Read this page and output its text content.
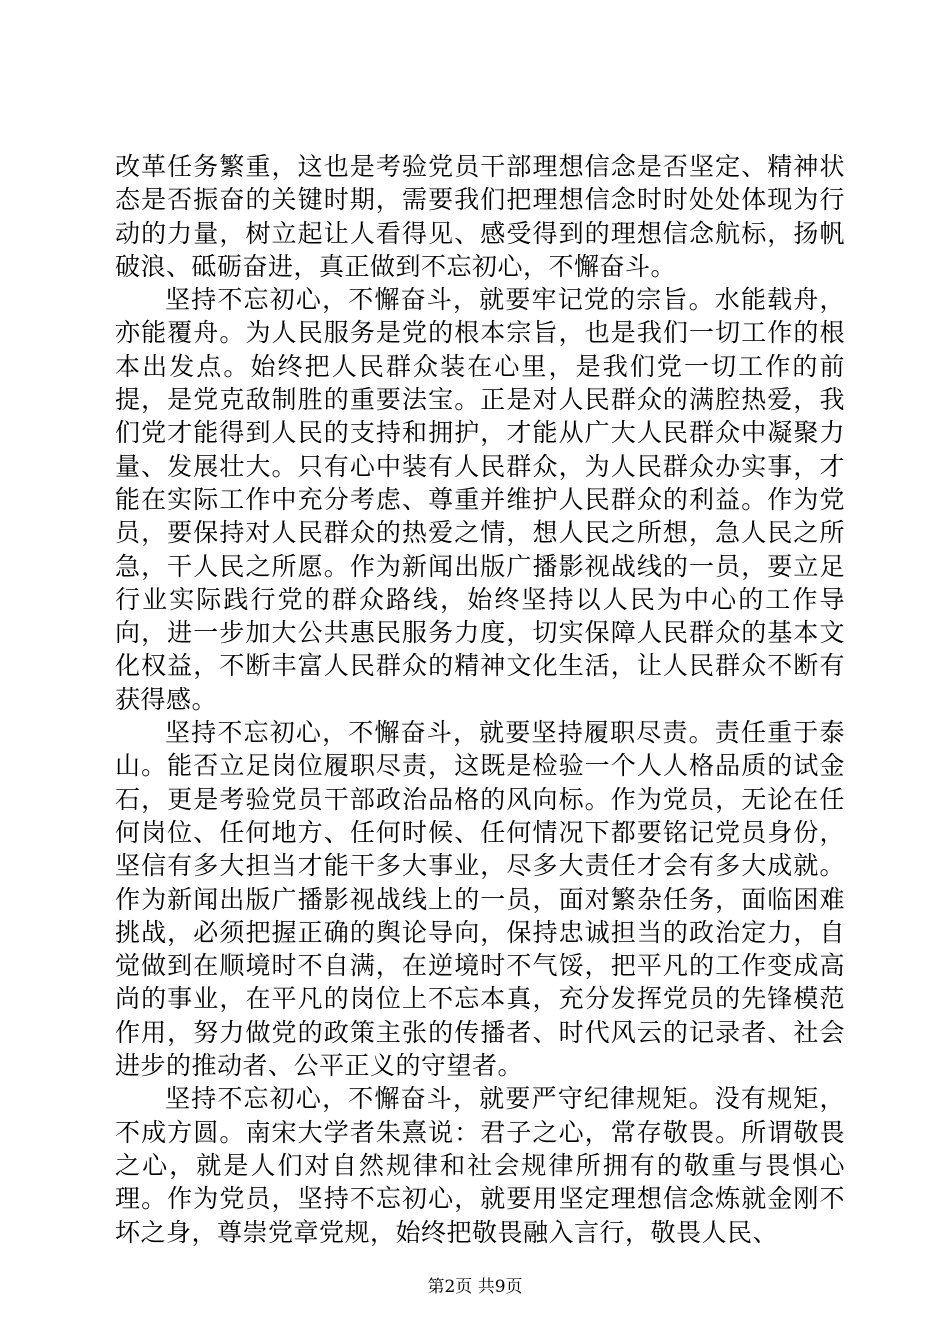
改革任务繁重，这也是考验党员干部理想信念是否坚定、精神状态是否振奋的关键时期，需要我们把理想信念时时处处体现为行动的力量，树立起让人看得见、感受得到的理想信念航标，扬帆破浪、砥砺奋进，真正做到不忘初心，不懈奋斗。

坚持不忘初心，不懈奋斗，就要牢记党的宗旨。水能载舟，亦能覆舟。为人民服务是党的根本宗旨，也是我们一切工作的根本出发点。始终把人民群众装在心里，是我们党一切工作的前提，是党克敌制胜的重要法宝。正是对人民群众的满腔热爱，我们党才能得到人民的支持和拥护，才能从广大人民群众中凝聚力量、发展壮大。只有心中装有人民群众，为人民群众办实事，才能在实际工作中充分考虑、尊重并维护人民群众的利益。作为党员，要保持对人民群众的热爱之情，想人民之所想，急人民之所急，干人民之所愿。作为新闻出版广播影视战线的一员，要立足行业实际践行党的群众路线，始终坚持以人民为中心的工作导向，进一步加大公共惠民服务力度，切实保障人民群众的基本文化权益，不断丰富人民群众的精神文化生活，让人民群众不断有获得感。

坚持不忘初心，不懈奋斗，就要坚持履职尽责。责任重于泰山。能否立足岗位履职尽责，这既是检验一个人人格品质的试金石，更是考验党员干部政治品格的风向标。作为党员，无论在任何岗位、任何地方、任何时候、任何情况下都要铭记党员身份，坚信有多大担当才能干多大事业，尽多大责任才会有多大成就。作为新闻出版广播影视战线上的一员，面对繁杂任务，面临困难挑战，必须把握正确的舆论导向，保持忠诚担当的政治定力，自觉做到在顺境时不自满，在逆境时不气馁，把平凡的工作变成高尚的事业，在平凡的岗位上不忘本真，充分发挥党员的先锋模范作用，努力做党的政策主张的传播者、时代风云的记录者、社会进步的推动者、公平正义的守望者。

坚持不忘初心，不懈奋斗，就要严守纪律规矩。没有规矩，不成方圆。南宋大学者朱熹说：君子之心，常存敬畏。所谓敬畏之心，就是人们对自然规律和社会规律所拥有的敬重与畏惧心理。作为党员，坚持不忘初心，就要用坚定理想信念炼就金刚不坏之身，尊崇党章党规，始终把敬畏融入言行，敬畏人民、

第2页 共9页
